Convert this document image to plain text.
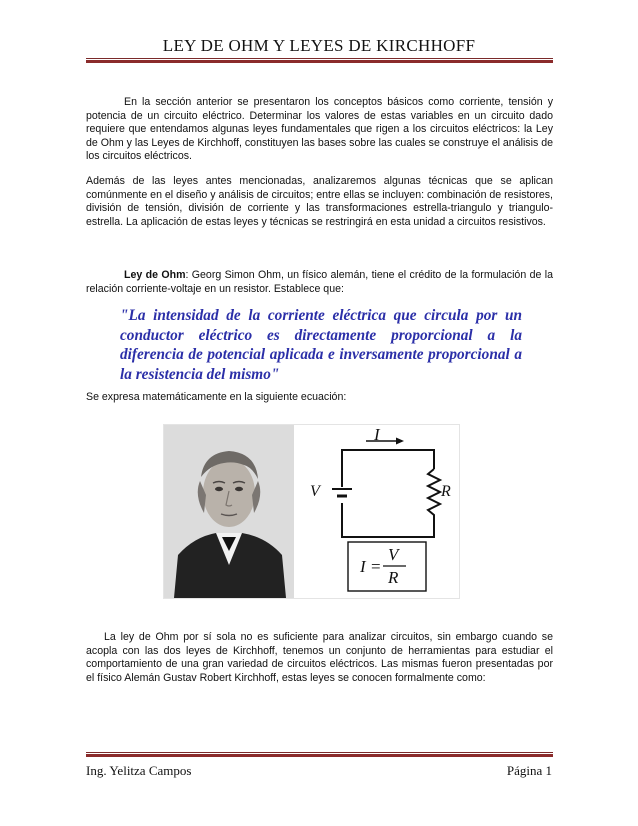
LEY DE OHM Y LEYES DE KIRCHHOFF
En la sección anterior se presentaron los conceptos básicos como corriente, tensión y potencia de un circuito eléctrico. Determinar los valores de estas variables en un circuito dado requiere que entendamos algunas leyes fundamentales que rigen a los circuitos eléctricos: la Ley de Ohm y las Leyes de Kirchhoff, constituyen las bases sobre las cuales se construye el análisis de los circuitos eléctricos.
Además de las leyes antes mencionadas, analizaremos algunas técnicas que se aplican comúnmente en el diseño y análisis de circuitos; entre ellas se incluyen: combinación de resistores, división de tensión, división de corriente y las transformaciones estrella-triangulo y triangulo-estrella. La aplicación de estas leyes y técnicas se restringirá en esta unidad a circuitos resistivos.
Ley de Ohm: Georg Simon Ohm, un físico alemán, tiene el crédito de la formulación de la relación corriente-voltaje en un resistor. Establece que:
"La intensidad de la corriente eléctrica que circula por un conductor eléctrico es directamente proporcional a la diferencia de potencial aplicada e inversamente proporcional a la resistencia del mismo"
Se expresa matemáticamente en la siguiente ecuación:
I
V	R
I =
V
R
La ley de Ohm por sí sola no es suficiente para analizar circuitos, sin embargo cuando se acopla con las dos leyes de Kirchhoff, tenemos un conjunto de herramientas para estudiar el comportamiento de una gran variedad de circuitos eléctricos. Las mismas fueron presentadas por el físico Alemán Gustav Robert Kirchhoff, estas leyes se conocen formalmente como:
Ing. Yelitza Campos	Página 1
